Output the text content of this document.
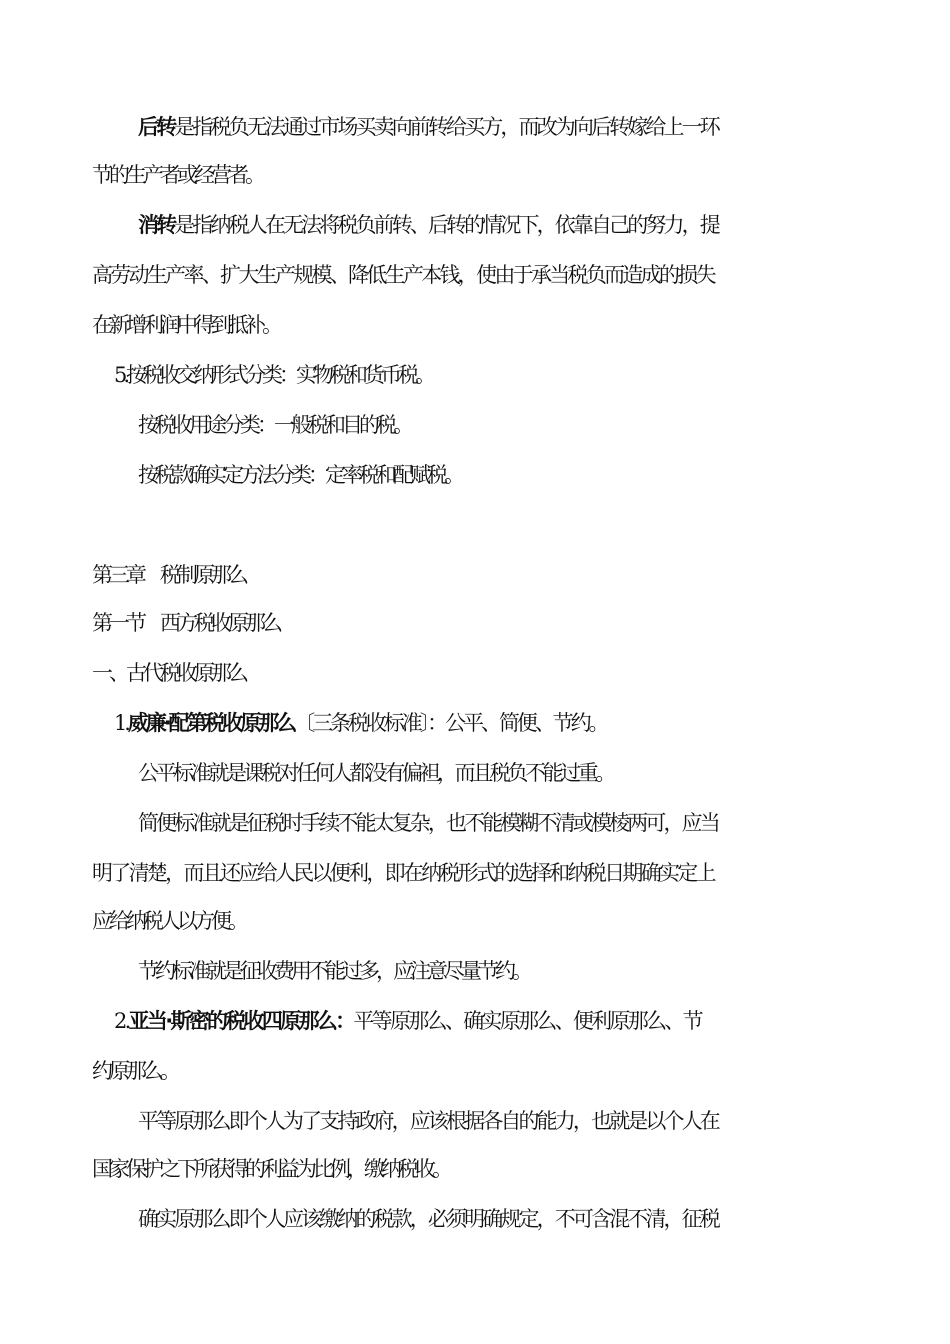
后转是指税负无法通过市场买卖向前转给买方，而改为向后转嫁给上一环
节的生产者或经营者。
消转是指纳税人在无法将税负前转、后转的情况下，依靠自己的努力，提
高劳动生产率、扩大生产规模、降低生产本钱，使由于承当税负而造成的损失
在新增利润中得到抵补。
5.按税收交纳形式分类：实物税和货币税。
按税收用途分类：一般税和目的税。
按税款确实定方法分类：定率税和配赋税。
第三章　税制原那么
第一节　西方税收原那么
一、古代税收原那么
1.威廉·配第税收原那么〔三条税收标准〕：公平、简便、节约。
公平标准就是课税对任何人都没有偏袒，而且税负不能过重。
简便标准就是征税时手续不能太复杂，也不能模糊不清或模棱两可，应当
明了清楚，而且还应给人民以便利，即在纳税形式的选择和纳税日期确实定上
应给纳税人以方便。
节约标准就是征收费用不能过多，应注意尽量节约。
2.亚当·斯密的税收四原那么：平等原那么、确实原那么、便利原那么、节
约原那么。
平等原那么即个人为了支持政府，应该根据各自的能力，也就是以个人在
国家保护之下所获得的利益为比例，缴纳税收。
确实原那么即个人应该缴纳的税款，必须明确规定，不可含混不清，征税
